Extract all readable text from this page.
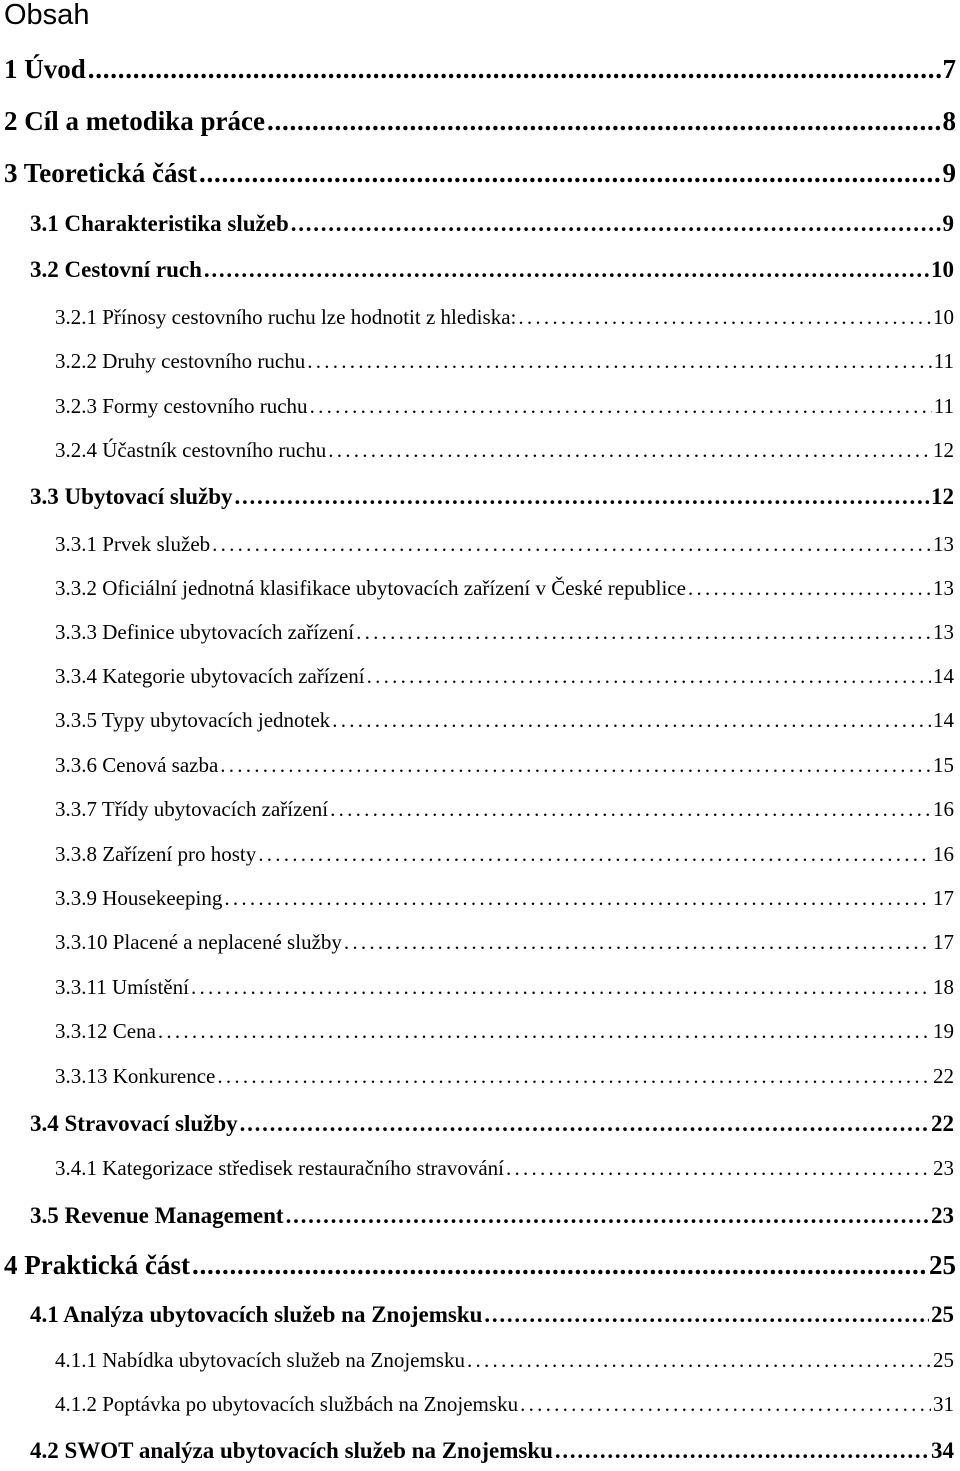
Obsah
1 Úvod . . .	7
2 Cíl a metodika práce . . .	8
3 Teoretická část . . .	9
3.1 Charakteristika služeb . . .	9
3.2 Cestovní ruch . . .	10
3.2.1 Přínosy cestovního ruchu lze hodnotit z hlediska: . . .	10
3.2.2 Druhy cestovního ruchu . . .	11
3.2.3 Formy cestovního ruchu . . .	11
3.2.4 Účastník cestovního ruchu . . .	12
3.3 Ubytovací služby . . .	12
3.3.1 Prvek služeb . . .	13
3.3.2 Oficiální jednotná klasifikace ubytovacích zařízení v České republice . . .	13
3.3.3 Definice ubytovacích zařízení . . .	13
3.3.4 Kategorie ubytovacích zařízení . . .	14
3.3.5 Typy ubytovacích jednotek . . .	14
3.3.6 Cenová sazba . . .	15
3.3.7 Třídy ubytovacích zařízení . . .	16
3.3.8 Zařízení pro hosty . . .	16
3.3.9 Housekeeping . . .	17
3.3.10 Placené a neplacené služby . . .	17
3.3.11 Umístění . . .	18
3.3.12 Cena . . .	19
3.3.13 Konkurence . . .	22
3.4 Stravovací služby . . .	22
3.4.1 Kategorizace středisek restauračního stravování . . .	23
3.5 Revenue Management . . .	23
4 Praktická část . . .	25
4.1 Analýza ubytovacích služeb na Znojemsku . . .	25
4.1.1 Nabídka ubytovacích služeb na Znojemsku . . .	25
4.1.2 Poptávka po ubytovacích službách na Znojemsku . . .	31
4.2 SWOT analýza ubytovacích služeb na Znojemsku . . .	34
